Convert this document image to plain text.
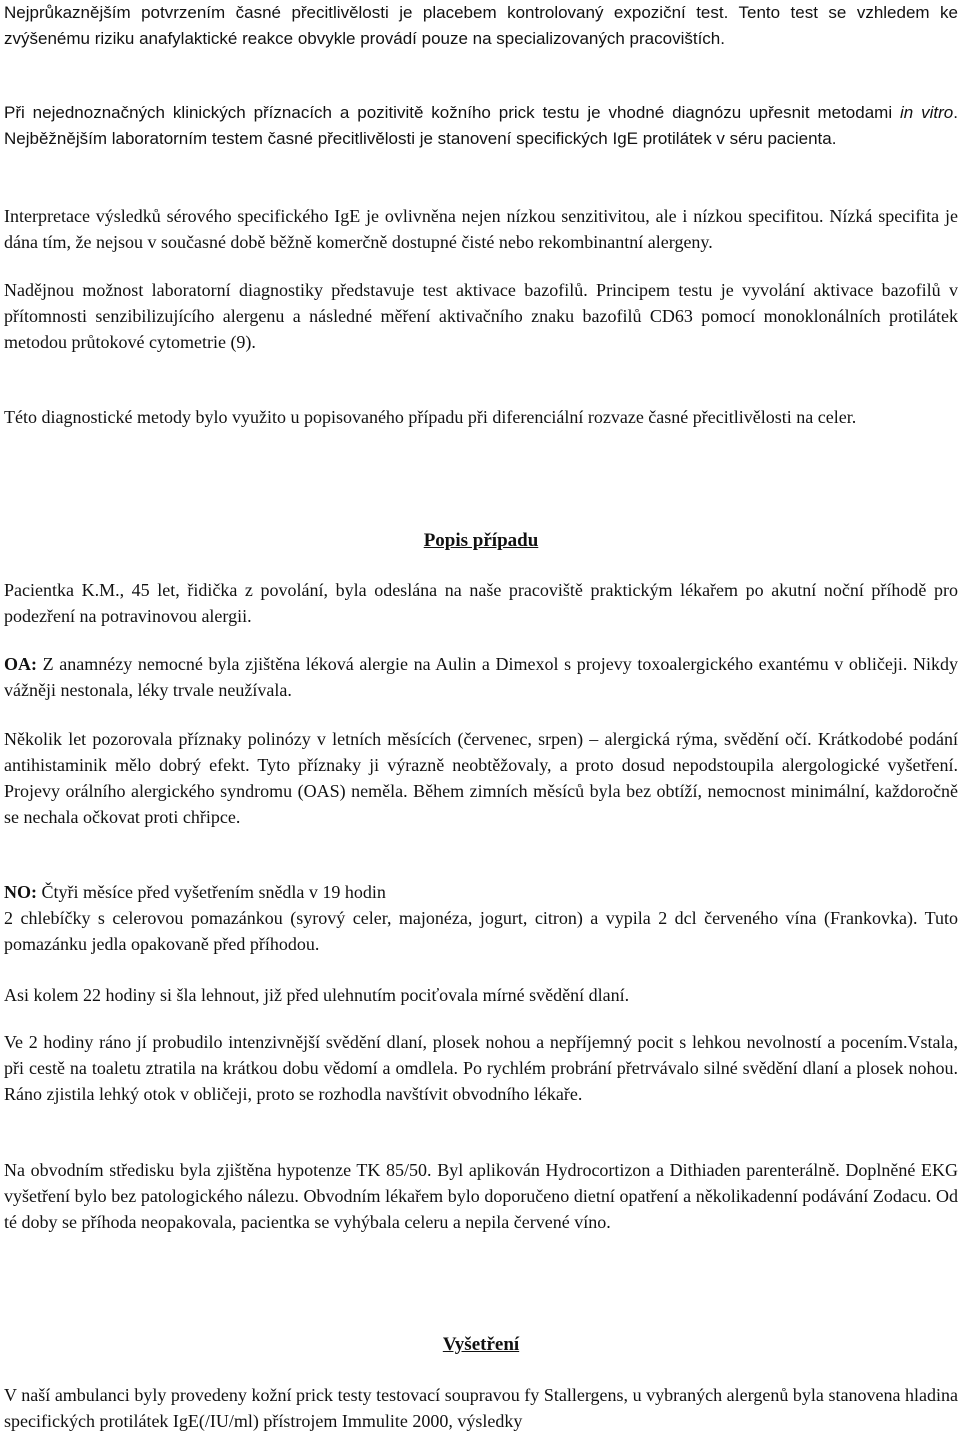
Nejprůkaznějším potvrzením časné přecitlivělosti je placebem kontrolovaný expoziční test. Tento test se vzhledem ke zvýšenému riziku anafylaktické reakce obvykle provádí pouze na specializovaných pracovištích.

Při nejednoznačných klinických příznacích a pozitivitě kožního prick testu je vhodné diagnózu upřesnit metodami in vitro. Nejběžnějším laboratorním testem časné přecitlivělosti je stanovení specifických IgE protilátek v séru pacienta.

Interpretace výsledků sérového specifického IgE je ovlivněna nejen nízkou senzitivitou, ale i nízkou specifitou. Nízká specifita je dána tím, že nejsou v současné době běžně komerčně dostupné čisté nebo rekombinantní alergeny.

Nadějnou možnost laboratorní diagnostiky představuje test aktivace bazofilů. Principem testu je vyvolání aktivace bazofilů v přítomnosti senzibilizujícího alergenu a následné měření aktivačního znaku bazofilů CD63 pomocí monoklonálních protilátek metodou průtokové cytometrie (9).

Této diagnostické metody bylo využito u popisovaného případu při diferenciální rozvaze časné přecitlivělosti na celer.

Popis případu

Pacientka K.M., 45 let, řidička z povolání, byla odeslána na naše pracoviště praktickým lékařem po akutní noční příhodě pro podezření na potravinovou alergii.

OA: Z anamnézy nemocné byla zjištěna léková alergie na Aulin a Dimexol s projevy toxoalergického exantému v obličeji. Nikdy vážněji nestonala, léky trvale neužívala.

Několik let pozorovala příznaky polinózy v letních měsících (červenec, srpen) – alergická rýma, svědění očí. Krátkodobé podání antihistaminik mělo dobrý efekt. Tyto příznaky ji výrazně neobtěžovaly, a proto dosud nepodstoupila alergologické vyšetření. Projevy orálního alergického syndromu (OAS) neměla. Během zimních měsíců byla bez obtíží, nemocnost minimální, každoročně se nechala očkovat proti chřipce.

NO: Čtyři měsíce před vyšetřením snědla v 19 hodin
2 chlebíčky s celerovou pomazánkou (syrový celer, majonéza, jogurt, citron) a vypila 2 dcl červeného vína (Frankovka). Tuto pomazánku jedla opakovaně před příhodou.

Asi kolem 22 hodiny si šla lehnout, již před ulehnutím pociťovala mírné svědění dlaní.

Ve 2 hodiny ráno jí probudilo intenzivnější svědění dlaní, plosek nohou a nepříjemný pocit s lehkou nevolností a pocením.Vstala, při cestě na toaletu ztratila na krátkou dobu vědomí a omdlela. Po rychlém probrání přetrvávalo silné svědění dlaní a plosek nohou. Ráno zjistila lehký otok v obličeji, proto se rozhodla navštívit obvodního lékaře.

Na obvodním středisku byla zjištěna hypotenze TK 85/50. Byl aplikován Hydrocortizon a Dithiaden parenterálně. Doplněné EKG vyšetření bylo bez patologického nálezu. Obvodním lékařem bylo doporučeno dietní opatření a několikadenní podávání Zodacu. Od té doby se příhoda neopakovala, pacientka se vyhýbala celeru a nepila červené víno.

Vyšetření

V naší ambulanci byly provedeny kožní prick testy testovací soupravou fy Stallergens, u vybraných alergenů byla stanovena hladina specifických protilátek IgE(/IU/ml) přístrojem Immulite 2000, výsledky
